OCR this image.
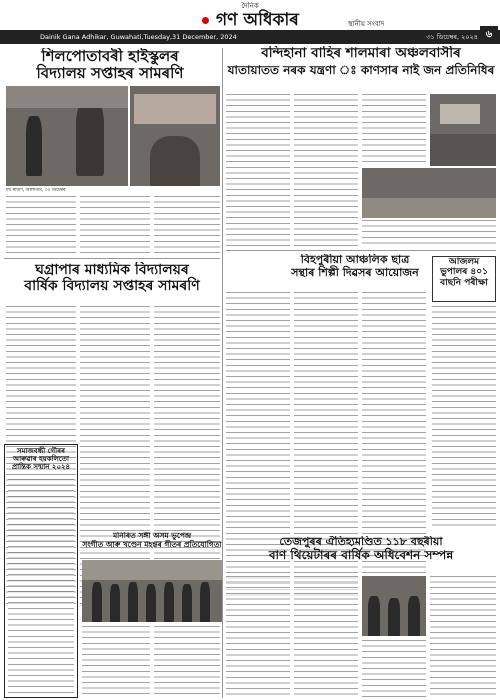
দৈনিক
গণ অধিকাৰ	স্থানীয় সংবাদ
Dainik Gana Adhikar, Guwahati,Tuesday,31 December, 2024	৩১ ডিচেম্বৰ, ২০২৪ ৬
শিলপোতাবৰী হাইস্কুলৰ
বিদ্যালয় সপ্তাহৰ সামৰণি
দৰ্থ ৰাজ্যী, আলাগাম, ৩০ ডিচেম্বৰ
বন্দিহানা বাহিৰ শালমাৰা অঞ্চলবাসীৰ
যাতায়াতত নৰক যন্ত্ৰণা ঃ কাণসাৰ নাই জন প্ৰতিনিধিৰ
ঘগ্ৰাপাৰ মাধ্যমিক বিদ্যালয়ৰ
বাৰ্ষিক বিদ্যালয় সপ্তাহৰ সামৰণি
বিহপুৰীয়া আঞ্চলিক ছাত্ৰ
সন্থাৰ শিল্পী দিৱসৰ আয়োজন
আজলম
ভুপালৰ ৪০১
বাছনি পৰীক্ষা
সমাজবন্ধী গৌৰৰ
আৰুৱাৰ হয়কলিতো
প্ৰান্তিক সন্মান ২০২৪
মনিৰিত সঙ্গী অসম ভুপেন্দ্ৰ
সংগীত আৰু খণ্ডেন মহন্তৰ গীতৰ প্ৰতিযোগিতা	তেজপুৰৰ ঐতিহ্যমণ্ডিত ১১৮ বছৰীয়া
বাণ থিয়েটাৰৰ বাৰ্ষিক অধিবেশন সম্পন্ন
